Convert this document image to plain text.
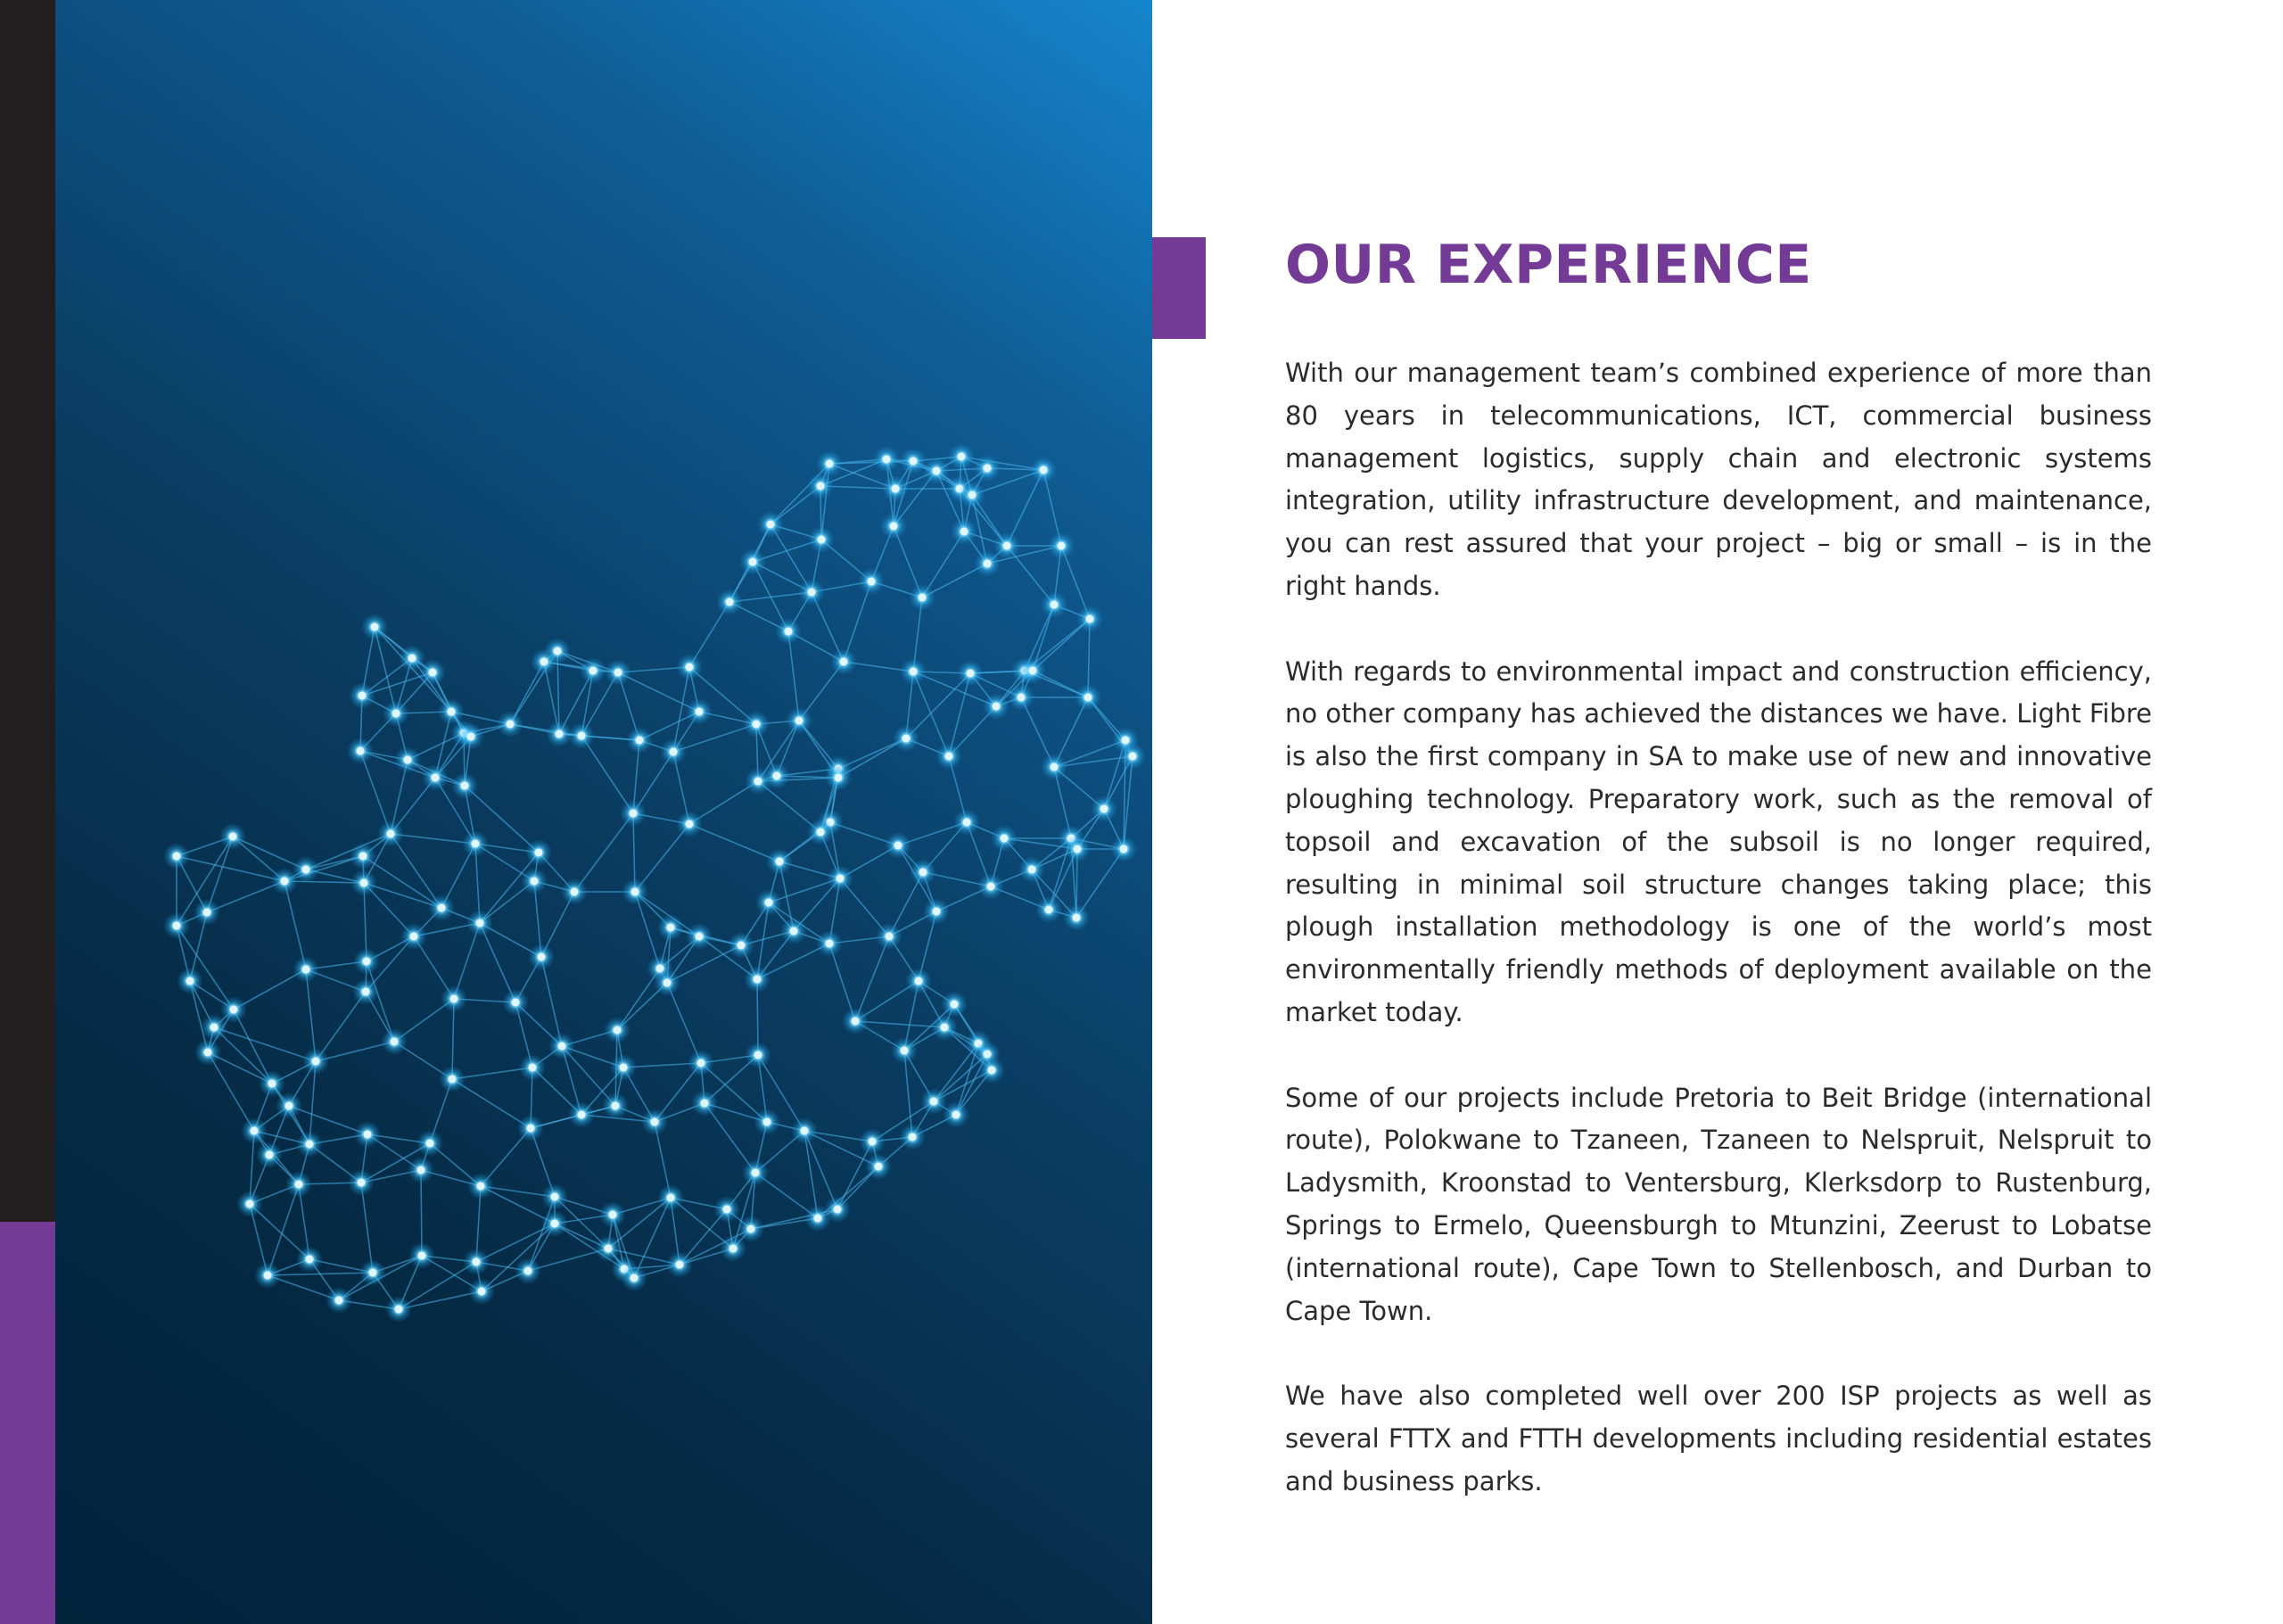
OUR EXPERIENCE

With our management team’s combined experience of more than 80 years in telecommunications, ICT, commercial business management logistics, supply chain and electronic systems integration, utility infrastructure development, and maintenance, you can rest assured that your project – big or small – is in the right hands.

With regards to environmental impact and construction efficiency, no other company has achieved the distances we have. Light Fibre is also the first company in SA to make use of new and innovative ploughing technology. Preparatory work, such as the removal of topsoil and excavation of the subsoil is no longer required, resulting in minimal soil structure changes taking place; this plough installation methodology is one of the world’s most environmentally friendly methods of deployment available on the market today.

Some of our projects include Pretoria to Beit Bridge (international route), Polokwane to Tzaneen, Tzaneen to Nelspruit, Nelspruit to Ladysmith, Kroonstad to Ventersburg, Klerksdorp to Rustenburg, Springs to Ermelo, Queensburgh to Mtunzini, Zeerust to Lobatse (international route), Cape Town to Stellenbosch, and Durban to Cape Town.

We have also completed well over 200 ISP projects as well as several FTTX and FTTH developments including residential estates and business parks.
